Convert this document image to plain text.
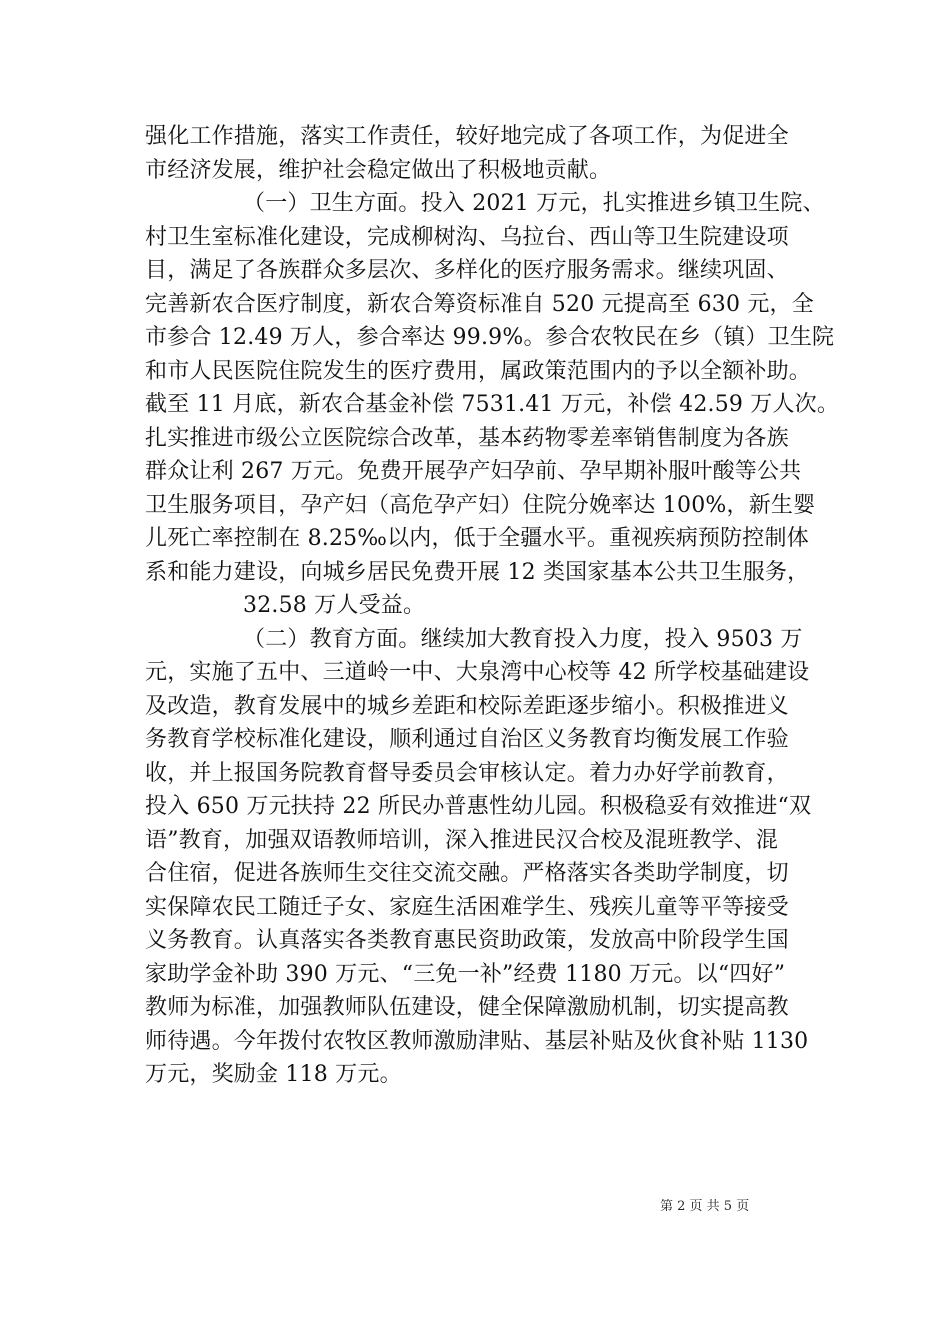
强化工作措施，落实工作责任，较好地完成了各项工作，为促进全
市经济发展，维护社会稳定做出了积极地贡献。
（一）卫生方面。投入 2021 万元，扎实推进乡镇卫生院、
村卫生室标准化建设，完成柳树沟、乌拉台、西山等卫生院建设项
目，满足了各族群众多层次、多样化的医疗服务需求。继续巩固、
完善新农合医疗制度，新农合筹资标准自 520 元提高至 630 元，全
市参合 12.49 万人，参合率达 99.9%。参合农牧民在乡（镇）卫生院
和市人民医院住院发生的医疗费用，属政策范围内的予以全额补助。
截至 11 月底，新农合基金补偿 7531.41 万元，补偿 42.59 万人次。
扎实推进市级公立医院综合改革，基本药物零差率销售制度为各族
群众让利 267 万元。免费开展孕产妇孕前、孕早期补服叶酸等公共
卫生服务项目，孕产妇（高危孕产妇）住院分娩率达 100%，新生婴
儿死亡率控制在 8.25‰以内，低于全疆水平。重视疾病预防控制体
系和能力建设，向城乡居民免费开展 12 类国家基本公共卫生服务，
32.58 万人受益。
（二）教育方面。继续加大教育投入力度，投入 9503 万
元，实施了五中、三道岭一中、大泉湾中心校等 42 所学校基础建设
及改造，教育发展中的城乡差距和校际差距逐步缩小。积极推进义
务教育学校标准化建设，顺利通过自治区义务教育均衡发展工作验
收，并上报国务院教育督导委员会审核认定。着力办好学前教育，
投入 650 万元扶持 22 所民办普惠性幼儿园。积极稳妥有效推进“双
语”教育，加强双语教师培训，深入推进民汉合校及混班教学、混
合住宿，促进各族师生交往交流交融。严格落实各类助学制度，切
实保障农民工随迁子女、家庭生活困难学生、残疾儿童等平等接受
义务教育。认真落实各类教育惠民资助政策，发放高中阶段学生国
家助学金补助 390 万元、“三免一补”经费 1180 万元。以“四好”
教师为标准，加强教师队伍建设，健全保障激励机制，切实提高教
师待遇。今年拨付农牧区教师激励津贴、基层补贴及伙食补贴 1130
万元，奖励金 118 万元。
第 2 页 共 5 页
